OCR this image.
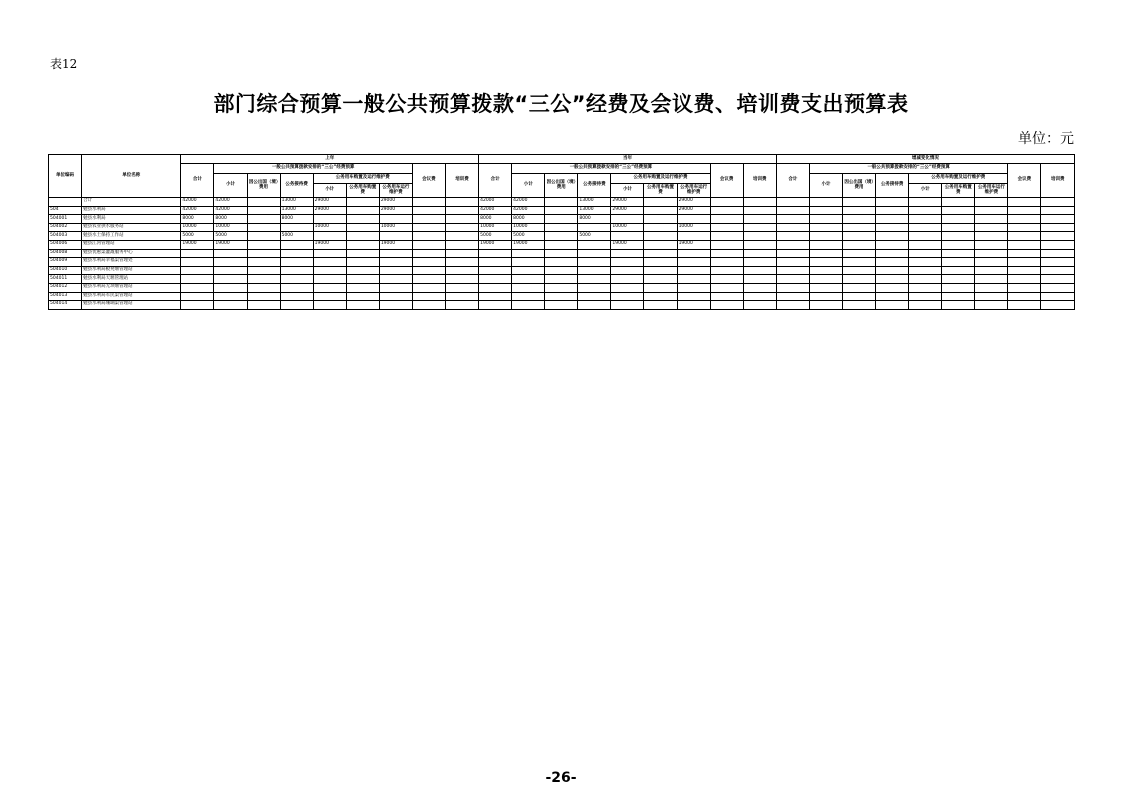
表12
部门综合预算一般公共预算拨款“三公”经费及会议费、培训费支出预算表
单位：元
单位编码	单位名称	上年									当年									增减变化情况								
		合计	一般公共预算拨款安排的“三公”经费预算						会议费	培训费	合计	一般公共预算拨款安排的“三公”经费预算						会议费	培训费	合计	一般公共预算拨款安排的“三公”经费预算						会议费	培训费
			小计	因公出国（境）费用	公务接待费	公务用车购置及运行维护费						小计	因公出国（境）费用	公务接待费	公务用车购置及运行维护费						小计	因公出国（境）费用	公务接待费	公务用车购置及运行维护费				
						小计	公务用车购置费	公务用车运行维护费							小计	公务用车购置费	公务用车运行维护费							小计	公务用车购置费	公务用车运行维护费		
	合计	42000	42000		13000	29000		29000			42000	42000		13000	29000		29000											
504	勉县水利局	42000	42000		13000	29000		29000			42000	42000		13000	29000		29000											
504001	勉县水利局	8000	8000		8000						8000	8000		8000														
504002	勉县农业供水服务站	10000	10000			10000		10000			10000	10000			10000		10000											
504003	勉县水土保持工作站	5000	5000		5000						5000	5000		5000														
504006	勉县江河管理站	19000	19000			19000		19000			19000	19000			19000		19000											
504008	勉县优惠渠灌溉服务中心																											
504009	勉县水利局幸福渠管理处																											
504010	勉县水利局板凳堰管理站																											
504011	勉县水利局天堰管理站																											
504012	勉县水利局无坝堰管理站																											
504013	勉县水利局军民渠管理站																											
504014	勉县水利局珊瑚渠管理站																											
-26-
